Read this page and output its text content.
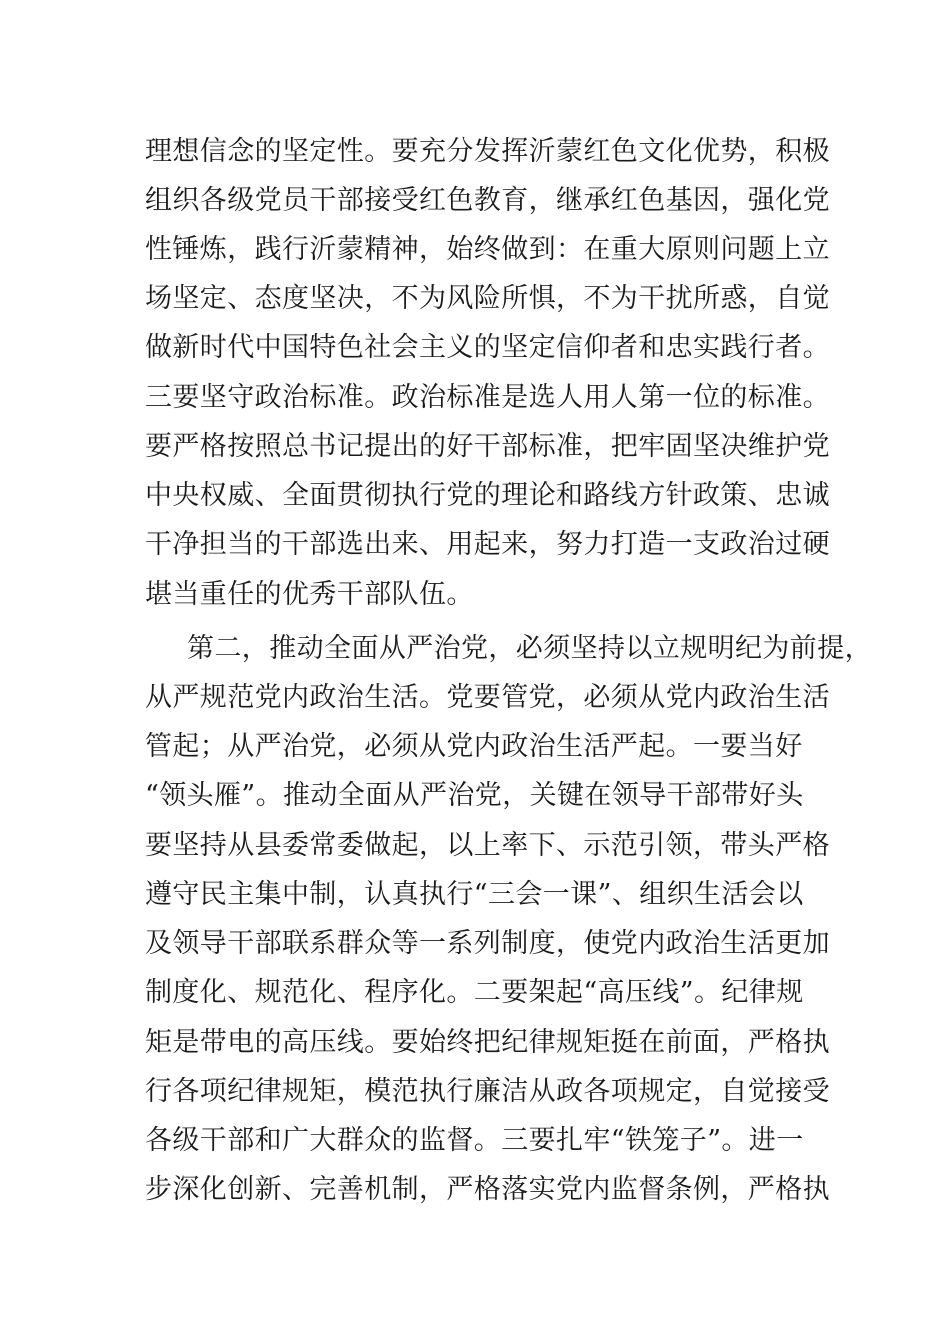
理想信念的坚定性。要充分发挥沂蒙红色文化优势，积极
组织各级党员干部接受红色教育，继承红色基因，强化党
性锤炼，践行沂蒙精神，始终做到：在重大原则问题上立
场坚定、态度坚决，不为风险所惧，不为干扰所惑，自觉
做新时代中国特色社会主义的坚定信仰者和忠实践行者。
三要坚守政治标准。政治标准是选人用人第一位的标准。
要严格按照总书记提出的好干部标准，把牢固坚决维护党
中央权威、全面贯彻执行党的理论和路线方针政策、忠诚
干净担当的干部选出来、用起来，努力打造一支政治过硬
堪当重任的优秀干部队伍。
第二，推动全面从严治党，必须坚持以立规明纪为前提，
从严规范党内政治生活。党要管党，必须从党内政治生活
管起；从严治党，必须从党内政治生活严起。一要当好
“领头雁”。推动全面从严治党，关键在领导干部带好头
要坚持从县委常委做起，以上率下、示范引领，带头严格
遵守民主集中制，认真执行“三会一课”、组织生活会以
及领导干部联系群众等一系列制度，使党内政治生活更加
制度化、规范化、程序化。二要架起“高压线”。纪律规
矩是带电的高压线。要始终把纪律规矩挺在前面，严格执
行各项纪律规矩，模范执行廉洁从政各项规定，自觉接受
各级干部和广大群众的监督。三要扎牢“铁笼子”。进一
步深化创新、完善机制，严格落实党内监督条例，严格执
